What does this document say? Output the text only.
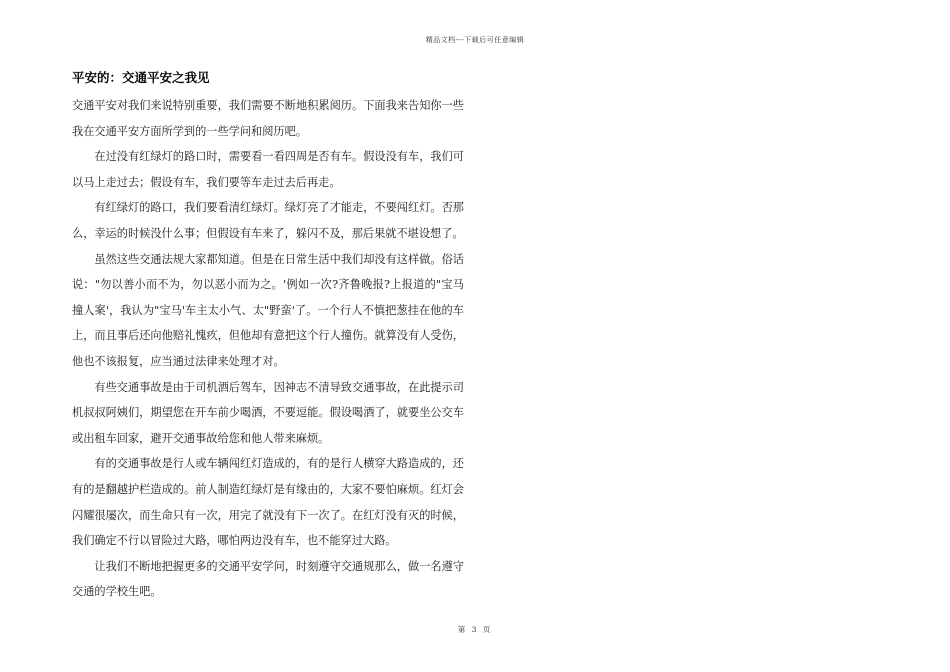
精品文档---下载后可任意编辑
平安的：交通平安之我见

交通平安对我们来说特别重要，我们需要不断地积累阅历。下面我来告知你一些我在交通平安方面所学到的一些学问和阅历吧。

在过没有红绿灯的路口时，需要看一看四周是否有车。假设没有车，我们可以马上走过去；假设有车，我们要等车走过去后再走。

有红绿灯的路口，我们要看清红绿灯。绿灯亮了才能走，不要闯红灯。否那么，幸运的时候没什么事；但假设有车来了，躲闪不及，那后果就不堪设想了。

虽然这些交通法规大家都知道。但是在日常生活中我们却没有这样做。俗话说："勿以善小而不为，勿以恶小而为之。'例如一次?齐鲁晚报?上报道的"宝马撞人案'，我认为"宝马'车主太小气、太"野蛮'了。一个行人不慎把葱挂在他的车上，而且事后还向他赔礼愧疚，但他却有意把这个行人撞伤。就算没有人受伤，他也不该报复，应当通过法律来处理才对。

有些交通事故是由于司机酒后驾车，因神志不清导致交通事故，在此提示司机叔叔阿姨们，期望您在开车前少喝酒，不要逗能。假设喝酒了，就要坐公交车或出租车回家，避开交通事故给您和他人带来麻烦。

有的交通事故是行人或车辆闯红灯造成的，有的是行人横穿大路造成的，还有的是翻越护栏造成的。前人制造红绿灯是有缘由的，大家不要怕麻烦。红灯会闪耀很屡次，而生命只有一次，用完了就没有下一次了。在红灯没有灭的时候，我们确定不行以冒险过大路，哪怕两边没有车，也不能穿过大路。

让我们不断地把握更多的交通平安学问，时刻遵守交通规那么，做一名遵守交通的学校生吧。

第 3 页
